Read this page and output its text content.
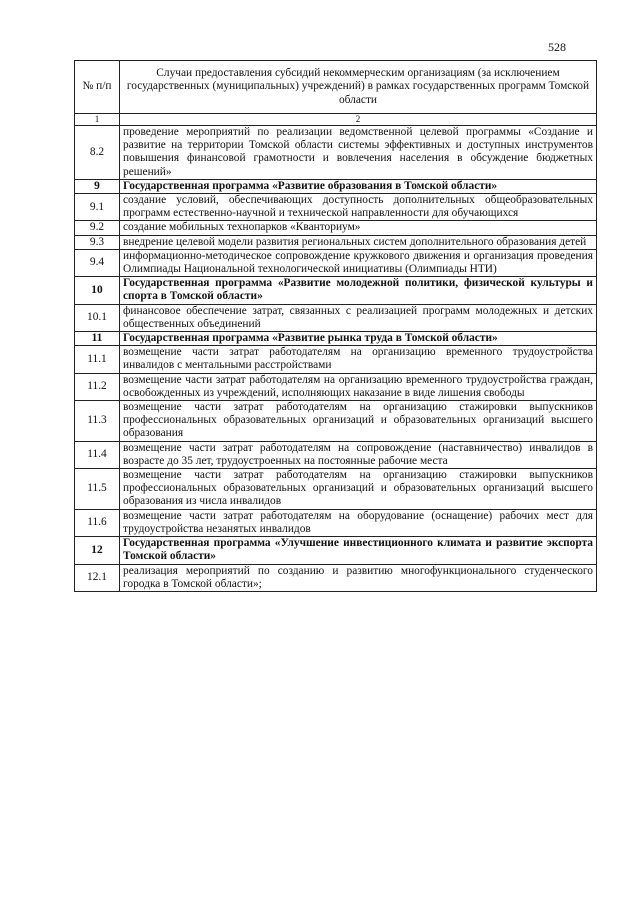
528
№ п/п	Случаи предоставления субсидий некоммерческим организациям (за исключением государственных (муниципальных) учреждений) в рамках государственных программ Томской области
1	2
8.2	проведение мероприятий по реализации ведомственной целевой программы «Создание и развитие на территории Томской области системы эффективных и доступных инструментов повышения финансовой грамотности и вовлечения населения в обсуждение бюджетных решений»
9	Государственная программа «Развитие образования в Томской области»
9.1	создание условий, обеспечивающих доступность дополнительных общеобразовательных программ естественно-научной и технической направленности для обучающихся
9.2	создание мобильных технопарков «Кванториум»
9.3	внедрение целевой модели развития региональных систем дополнительного образования детей
9.4	информационно-методическое сопровождение кружкового движения и организация проведения Олимпиады Национальной технологической инициативы (Олимпиады НТИ)
10	Государственная программа «Развитие молодежной политики, физической культуры и спорта в Томской области»
10.1	финансовое обеспечение затрат, связанных с реализацией программ молодежных и детских общественных объединений
11	Государственная программа «Развитие рынка труда в Томской области»
11.1	возмещение части затрат работодателям на организацию временного трудоустройства инвалидов с ментальными расстройствами
11.2	возмещение части затрат работодателям на организацию временного трудоустройства граждан, освобожденных из учреждений, исполняющих наказание в виде лишения свободы
11.3	возмещение части затрат работодателям на организацию стажировки выпускников профессиональных образовательных организаций и образовательных организаций высшего образования
11.4	возмещение части затрат работодателям на сопровождение (наставничество) инвалидов в возрасте до 35 лет, трудоустроенных на постоянные рабочие места
11.5	возмещение части затрат работодателям на организацию стажировки выпускников профессиональных образовательных организаций и образовательных организаций высшего образования из числа инвалидов
11.6	возмещение части затрат работодателям на оборудование (оснащение) рабочих мест для трудоустройства незанятых инвалидов
12	Государственная программа «Улучшение инвестиционного климата и развитие экспорта Томской области»
12.1	реализация мероприятий по созданию и развитию многофункционального студенческого городка в Томской области»;
